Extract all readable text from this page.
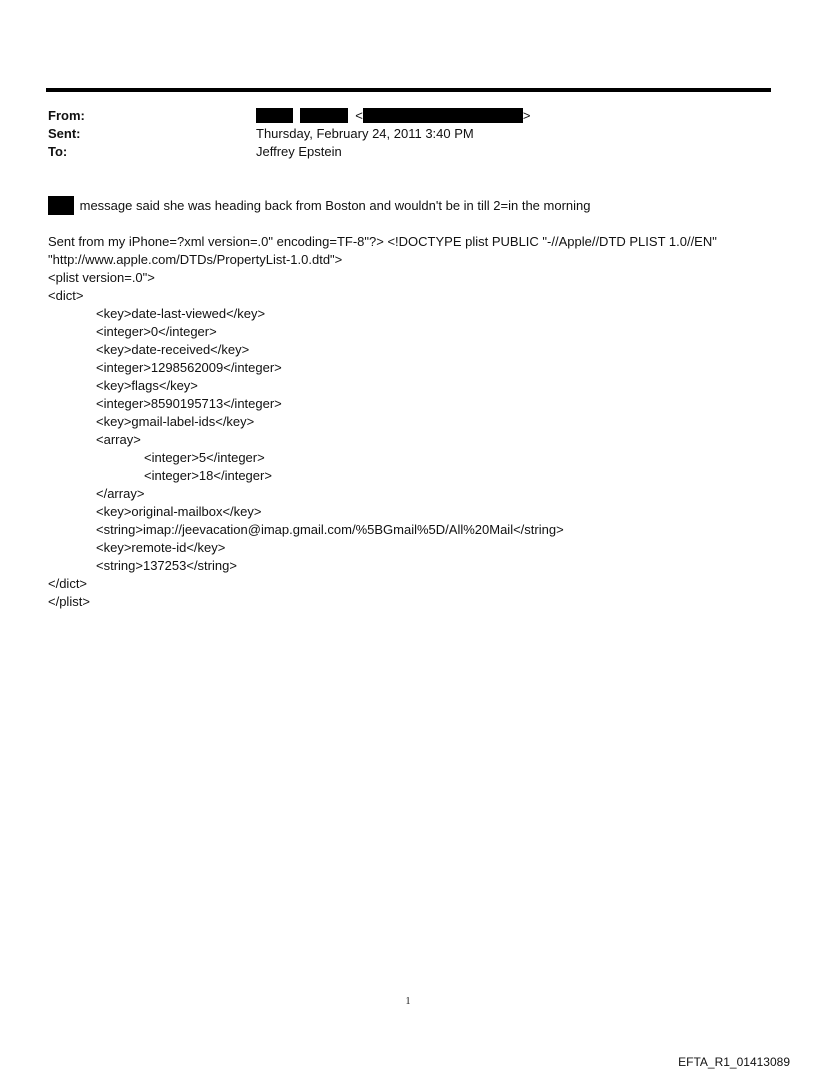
From:	<	>
Sent:	Thursday, February 24, 2011 3:40 PM
To:	Jeffrey Epstein
message said she was heading back from Boston and wouldn't be in till 2=in the morning
Sent from my iPhone=?xml version=.0" encoding=TF-8"?> <!DOCTYPE plist PUBLIC "-//Apple//DTD PLIST 1.0//EN"
"http://www.apple.com/DTDs/PropertyList-1.0.dtd">
<plist version=.0">
<dict>
<key>date-last-viewed</key>
<integer>0</integer>
<key>date-received</key>
<integer>1298562009</integer>
<key>flags</key>
<integer>8590195713</integer>
<key>gmail-label-ids</key>
<array>
<integer>5</integer>
<integer>18</integer>
</array>
<key>original-mailbox</key>
<string>imap://jeevacation@imap.gmail.com/%5BGmail%5D/All%20Mail</string>
<key>remote-id</key>
<string>137253</string>
</dict>
</plist>
1
EFTA_R1_01413089
